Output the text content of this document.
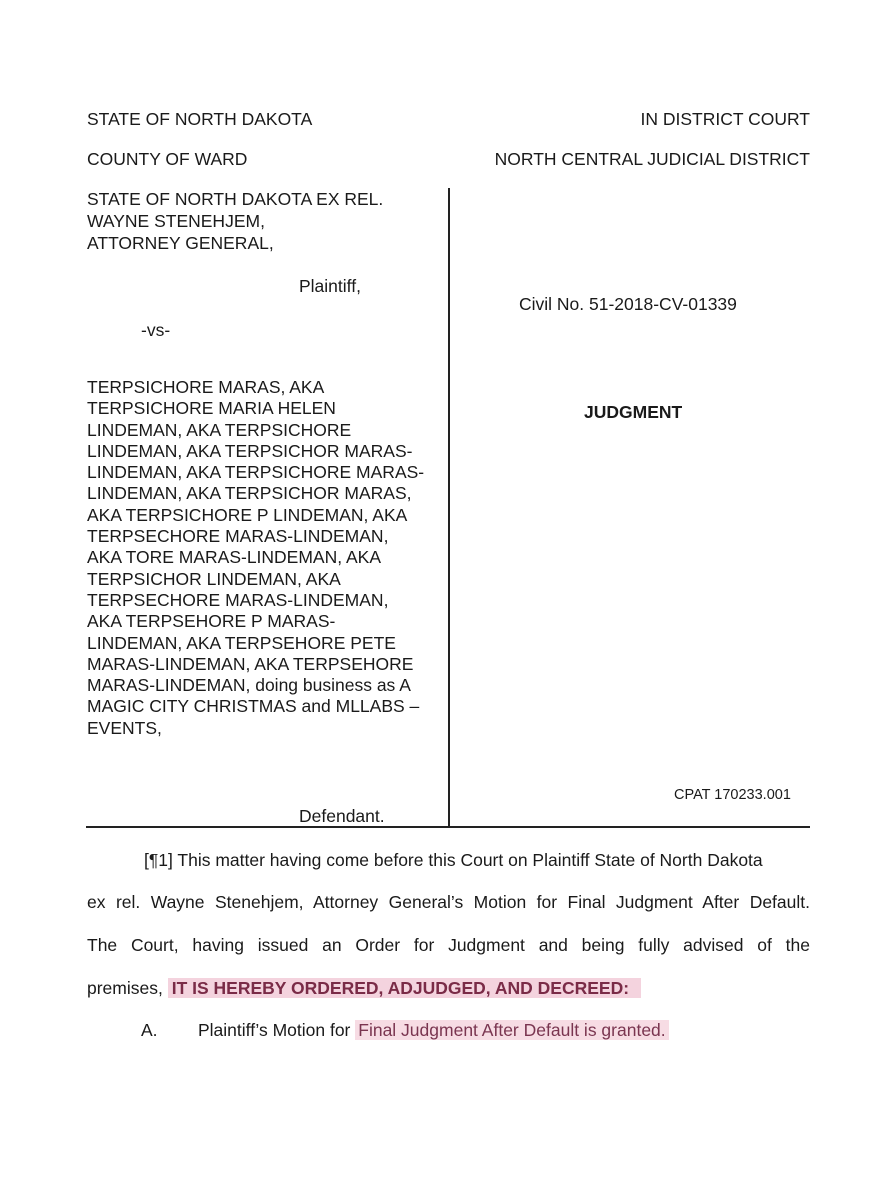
STATE OF NORTH DAKOTA	IN DISTRICT COURT
COUNTY OF WARD	NORTH CENTRAL JUDICIAL DISTRICT
STATE OF NORTH DAKOTA EX REL.
WAYNE STENEHJEM,
ATTORNEY GENERAL,
Plaintiff,
-vs-
TERPSICHORE MARAS, AKA
TERPSICHORE MARIA HELEN
LINDEMAN, AKA TERPSICHORE
LINDEMAN, AKA TERPSICHOR MARAS-
LINDEMAN, AKA TERPSICHORE MARAS-
LINDEMAN, AKA TERPSICHOR MARAS,
AKA TERPSICHORE P LINDEMAN, AKA
TERPSECHORE MARAS-LINDEMAN,
AKA TORE MARAS-LINDEMAN, AKA
TERPSICHOR LINDEMAN, AKA
TERPSECHORE MARAS-LINDEMAN,
AKA TERPSEHORE P MARAS-
LINDEMAN, AKA TERPSEHORE PETE
MARAS-LINDEMAN, AKA TERPSEHORE
MARAS-LINDEMAN, doing business as A
MAGIC CITY CHRISTMAS and MLLABS –
EVENTS,
Defendant.
Civil No. 51-2018-CV-01339
JUDGMENT
CPAT 170233.001
[¶1] This matter having come before this Court on Plaintiff State of North Dakota
ex rel. Wayne Stenehjem, Attorney General’s Motion for Final Judgment After Default.
The Court, having issued an Order for Judgment and being fully advised of the
premises, IT IS HEREBY ORDERED, ADJUDGED, AND DECREED:
A. Plaintiff’s Motion for Final Judgment After Default is granted.
